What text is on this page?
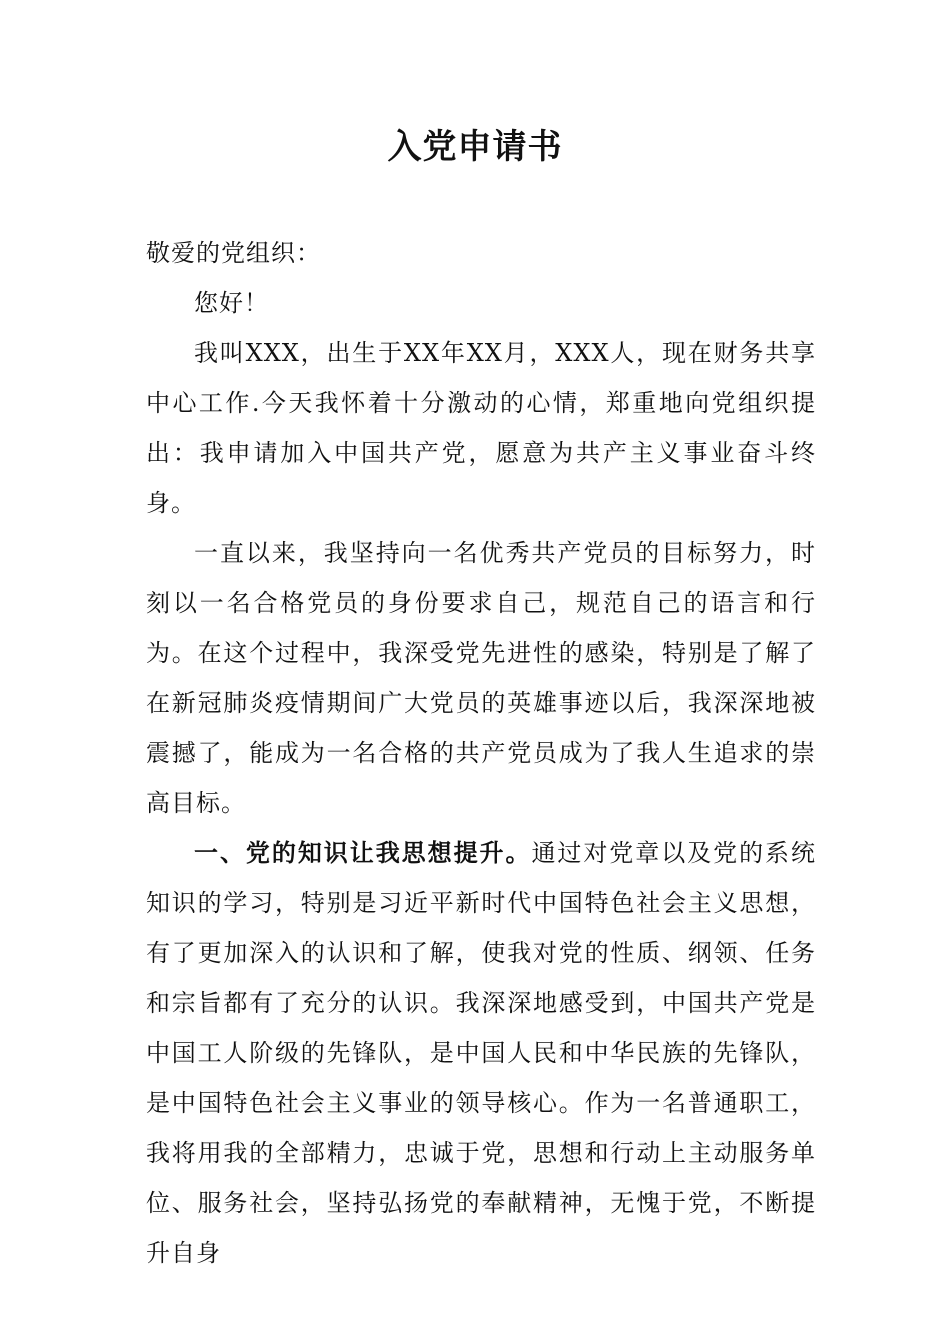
入党申请书

敬爱的党组织：

您好！

我叫XXX，出生于XX年XX月，XXX人，现在财务共享中心工作.今天我怀着十分激动的心情，郑重地向党组织提出：我申请加入中国共产党，愿意为共产主义事业奋斗终身。

一直以来，我坚持向一名优秀共产党员的目标努力，时刻以一名合格党员的身份要求自己，规范自己的语言和行为。在这个过程中，我深受党先进性的感染，特别是了解了在新冠肺炎疫情期间广大党员的英雄事迹以后，我深深地被震撼了，能成为一名合格的共产党员成为了我人生追求的崇高目标。

一、党的知识让我思想提升。通过对党章以及党的系统知识的学习，特别是习近平新时代中国特色社会主义思想，有了更加深入的认识和了解，使我对党的性质、纲领、任务和宗旨都有了充分的认识。我深深地感受到，中国共产党是中国工人阶级的先锋队，是中国人民和中华民族的先锋队，是中国特色社会主义事业的领导核心。作为一名普通职工，我将用我的全部精力，忠诚于党，思想和行动上主动服务单位、服务社会，坚持弘扬党的奉献精神，无愧于党，不断提升自身
